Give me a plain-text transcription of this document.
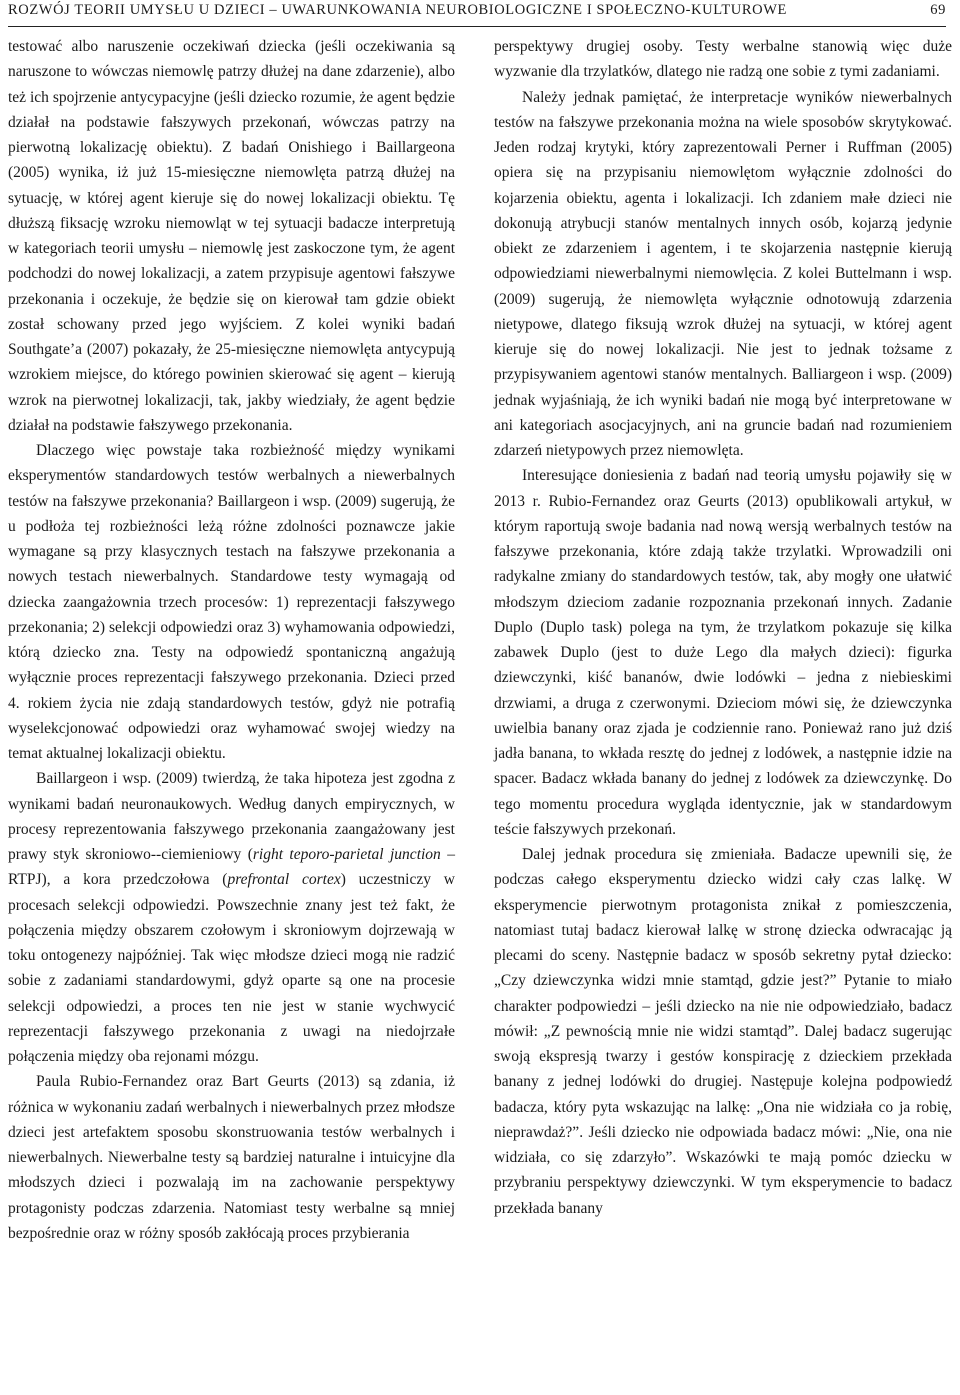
ROZWÓJ TEORII UMYSŁU U DZIECI – UWARUNKOWANIA NEUROBIOLOGICZNE I SPOŁECZNO-KULTUROWE	69

testować albo naruszenie oczekiwań dziecka (jeśli oczekiwania są naruszone to wówczas niemowlę patrzy dłużej na dane zdarzenie), albo też ich spojrzenie antycypacyjne (jeśli dziecko rozumie, że agent będzie działał na podstawie fałszywych przekonań, wówczas patrzy na pierwotną lokalizację obiektu). Z badań Onishiego i Baillargeona (2005) wynika, iż już 15-miesięczne niemowlęta patrzą dłużej na sytuację, w której agent kieruje się do nowej lokalizacji obiektu. Tę dłuższą fiksację wzroku niemowląt w tej sytuacji badacze interpretują w kategoriach teorii umysłu – niemowlę jest zaskoczone tym, że agent podchodzi do nowej lokalizacji, a zatem przypisuje agentowi fałszywe przekonania i oczekuje, że będzie się on kierował tam gdzie obiekt został schowany przed jego wyjściem. Z kolei wyniki badań Southgate’a (2007) pokazały, że 25-miesięczne niemowlęta antycypują wzrokiem miejsce, do którego powinien skierować się agent – kierują wzrok na pierwotnej lokalizacji, tak, jakby wiedziały, że agent będzie działał na podstawie fałszywego przekonania.

Dlaczego więc powstaje taka rozbieżność między wynikami eksperymentów standardowych testów werbalnych a niewerbalnych testów na fałszywe przekonania? Baillargeon i wsp. (2009) sugerują, że u podłoża tej rozbieżności leżą różne zdolności poznawcze jakie wymagane są przy klasycznych testach na fałszywe przekonania a nowych testach niewerbalnych. Standardowe testy wymagają od dziecka zaangażownia trzech procesów: 1) reprezentacji fałszywego przekonania; 2) selekcji odpowiedzi oraz 3) wyhamowania odpowiedzi, którą dziecko zna. Testy na odpowiedź spontaniczną angażują wyłącznie proces reprezentacji fałszywego przekonania. Dzieci przed 4. rokiem życia nie zdają standardowych testów, gdyż nie potrafią wyselekcjonować odpowiedzi oraz wyhamować swojej wiedzy na temat aktualnej lokalizacji obiektu.

Baillargeon i wsp. (2009) twierdzą, że taka hipoteza jest zgodna z wynikami badań neuronaukowych. Według danych empirycznych, w procesy reprezentowania fałszywego przekonania zaangażowany jest prawy styk skroniowo--ciemieniowy (right teporo-parietal junction – RTPJ), a kora przedczołowa (prefrontal cortex) uczestniczy w procesach selekcji odpowiedzi. Powszechnie znany jest też fakt, że połączenia między obszarem czołowym i skroniowym dojrzewają w toku ontogenezy najpóźniej. Tak więc młodsze dzieci mogą nie radzić sobie z zadaniami standardowymi, gdyż oparte są one na procesie selekcji odpowiedzi, a proces ten nie jest w stanie wychwycić reprezentacji fałszywego przekonania z uwagi na niedojrzałe połączenia między oba rejonami mózgu.

Paula Rubio-Fernandez oraz Bart Geurts (2013) są zdania, iż różnica w wykonaniu zadań werbalnych i niewerbalnych przez młodsze dzieci jest artefaktem sposobu skonstruowania testów werbalnych i niewerbalnych. Niewerbalne testy są bardziej naturalne i intuicyjne dla młodszych dzieci i pozwalają im na zachowanie perspektywy protagonisty podczas zdarzenia. Natomiast testy werbalne są mniej bezpośrednie oraz w różny sposób zakłócają proces przybierania

perspektywy drugiej osoby. Testy werbalne stanowią więc duże wyzwanie dla trzylatków, dlatego nie radzą one sobie z tymi zadaniami.

Należy jednak pamiętać, że interpretacje wyników niewerbalnych testów na fałszywe przekonania można na wiele sposobów skrytykować. Jeden rodzaj krytyki, który zaprezentowali Perner i Ruffman (2005) opiera się na przypisaniu niemowlętom wyłącznie zdolności do kojarzenia obiektu, agenta i lokalizacji. Ich zdaniem małe dzieci nie dokonują atrybucji stanów mentalnych innych osób, kojarzą jedynie obiekt ze zdarzeniem i agentem, i te skojarzenia następnie kierują odpowiedziami niewerbalnymi niemowlęcia. Z kolei Buttelmann i wsp. (2009) sugerują, że niemowlęta wyłącznie odnotowują zdarzenia nietypowe, dlatego fiksują wzrok dłużej na sytuacji, w której agent kieruje się do nowej lokalizacji. Nie jest to jednak tożsame z przypisywaniem agentowi stanów mentalnych. Balliargeon i wsp. (2009) jednak wyjaśniają, że ich wyniki badań nie mogą być interpretowane w ani kategoriach asocjacyjnych, ani na gruncie badań nad rozumieniem zdarzeń nietypowych przez niemowlęta.

Interesujące doniesienia z badań nad teorią umysłu pojawiły się w 2013 r. Rubio-Fernandez oraz Geurts (2013) opublikowali artykuł, w którym raportują swoje badania nad nową wersją werbalnych testów na fałszywe przekonania, które zdają także trzylatki. Wprowadzili oni radykalne zmiany do standardowych testów, tak, aby mogły one ułatwić młodszym dzieciom zadanie rozpoznania przekonań innych. Zadanie Duplo (Duplo task) polega na tym, że trzylatkom pokazuje się kilka zabawek Duplo (jest to duże Lego dla małych dzieci): figurka dziewczynki, kiść bananów, dwie lodówki – jedna z niebieskimi drzwiami, a druga z czerwonymi. Dzieciom mówi się, że dziewczynka uwielbia banany oraz zjada je codziennie rano. Ponieważ rano już dziś jadła banana, to wkłada resztę do jednej z lodówek, a następnie idzie na spacer. Badacz wkłada banany do jednej z lodówek za dziewczynkę. Do tego momentu procedura wygląda identycznie, jak w standardowym teście fałszywych przekonań.

Dalej jednak procedura się zmieniała. Badacze upewnili się, że podczas całego eksperymentu dziecko widzi cały czas lalkę. W eksperymencie pierwotnym protagonista znikał z pomieszczenia, natomiast tutaj badacz kierował lalkę w stronę dziecka odwracając ją plecami do sceny. Następnie badacz w sposób sekretny pytał dziecko: „Czy dziewczynka widzi mnie stamtąd, gdzie jest?” Pytanie to miało charakter podpowiedzi – jeśli dziecko na nie nie odpowiedziało, badacz mówił: „Z pewnością mnie nie widzi stamtąd”. Dalej badacz sugerując swoją ekspresją twarzy i gestów konspirację z dzieckiem przekłada banany z jednej lodówki do drugiej. Następuje kolejna podpowiedź badacza, który pyta wskazując na lalkę: „Ona nie widziała co ja robię, nieprawdaż?”. Jeśli dziecko nie odpowiada badacz mówi: „Nie, ona nie widziała, co się zdarzyło”. Wskazówki te mają pomóc dziecku w przybraniu perspektywy dziewczynki. W tym eksperymencie to badacz przekłada banany
